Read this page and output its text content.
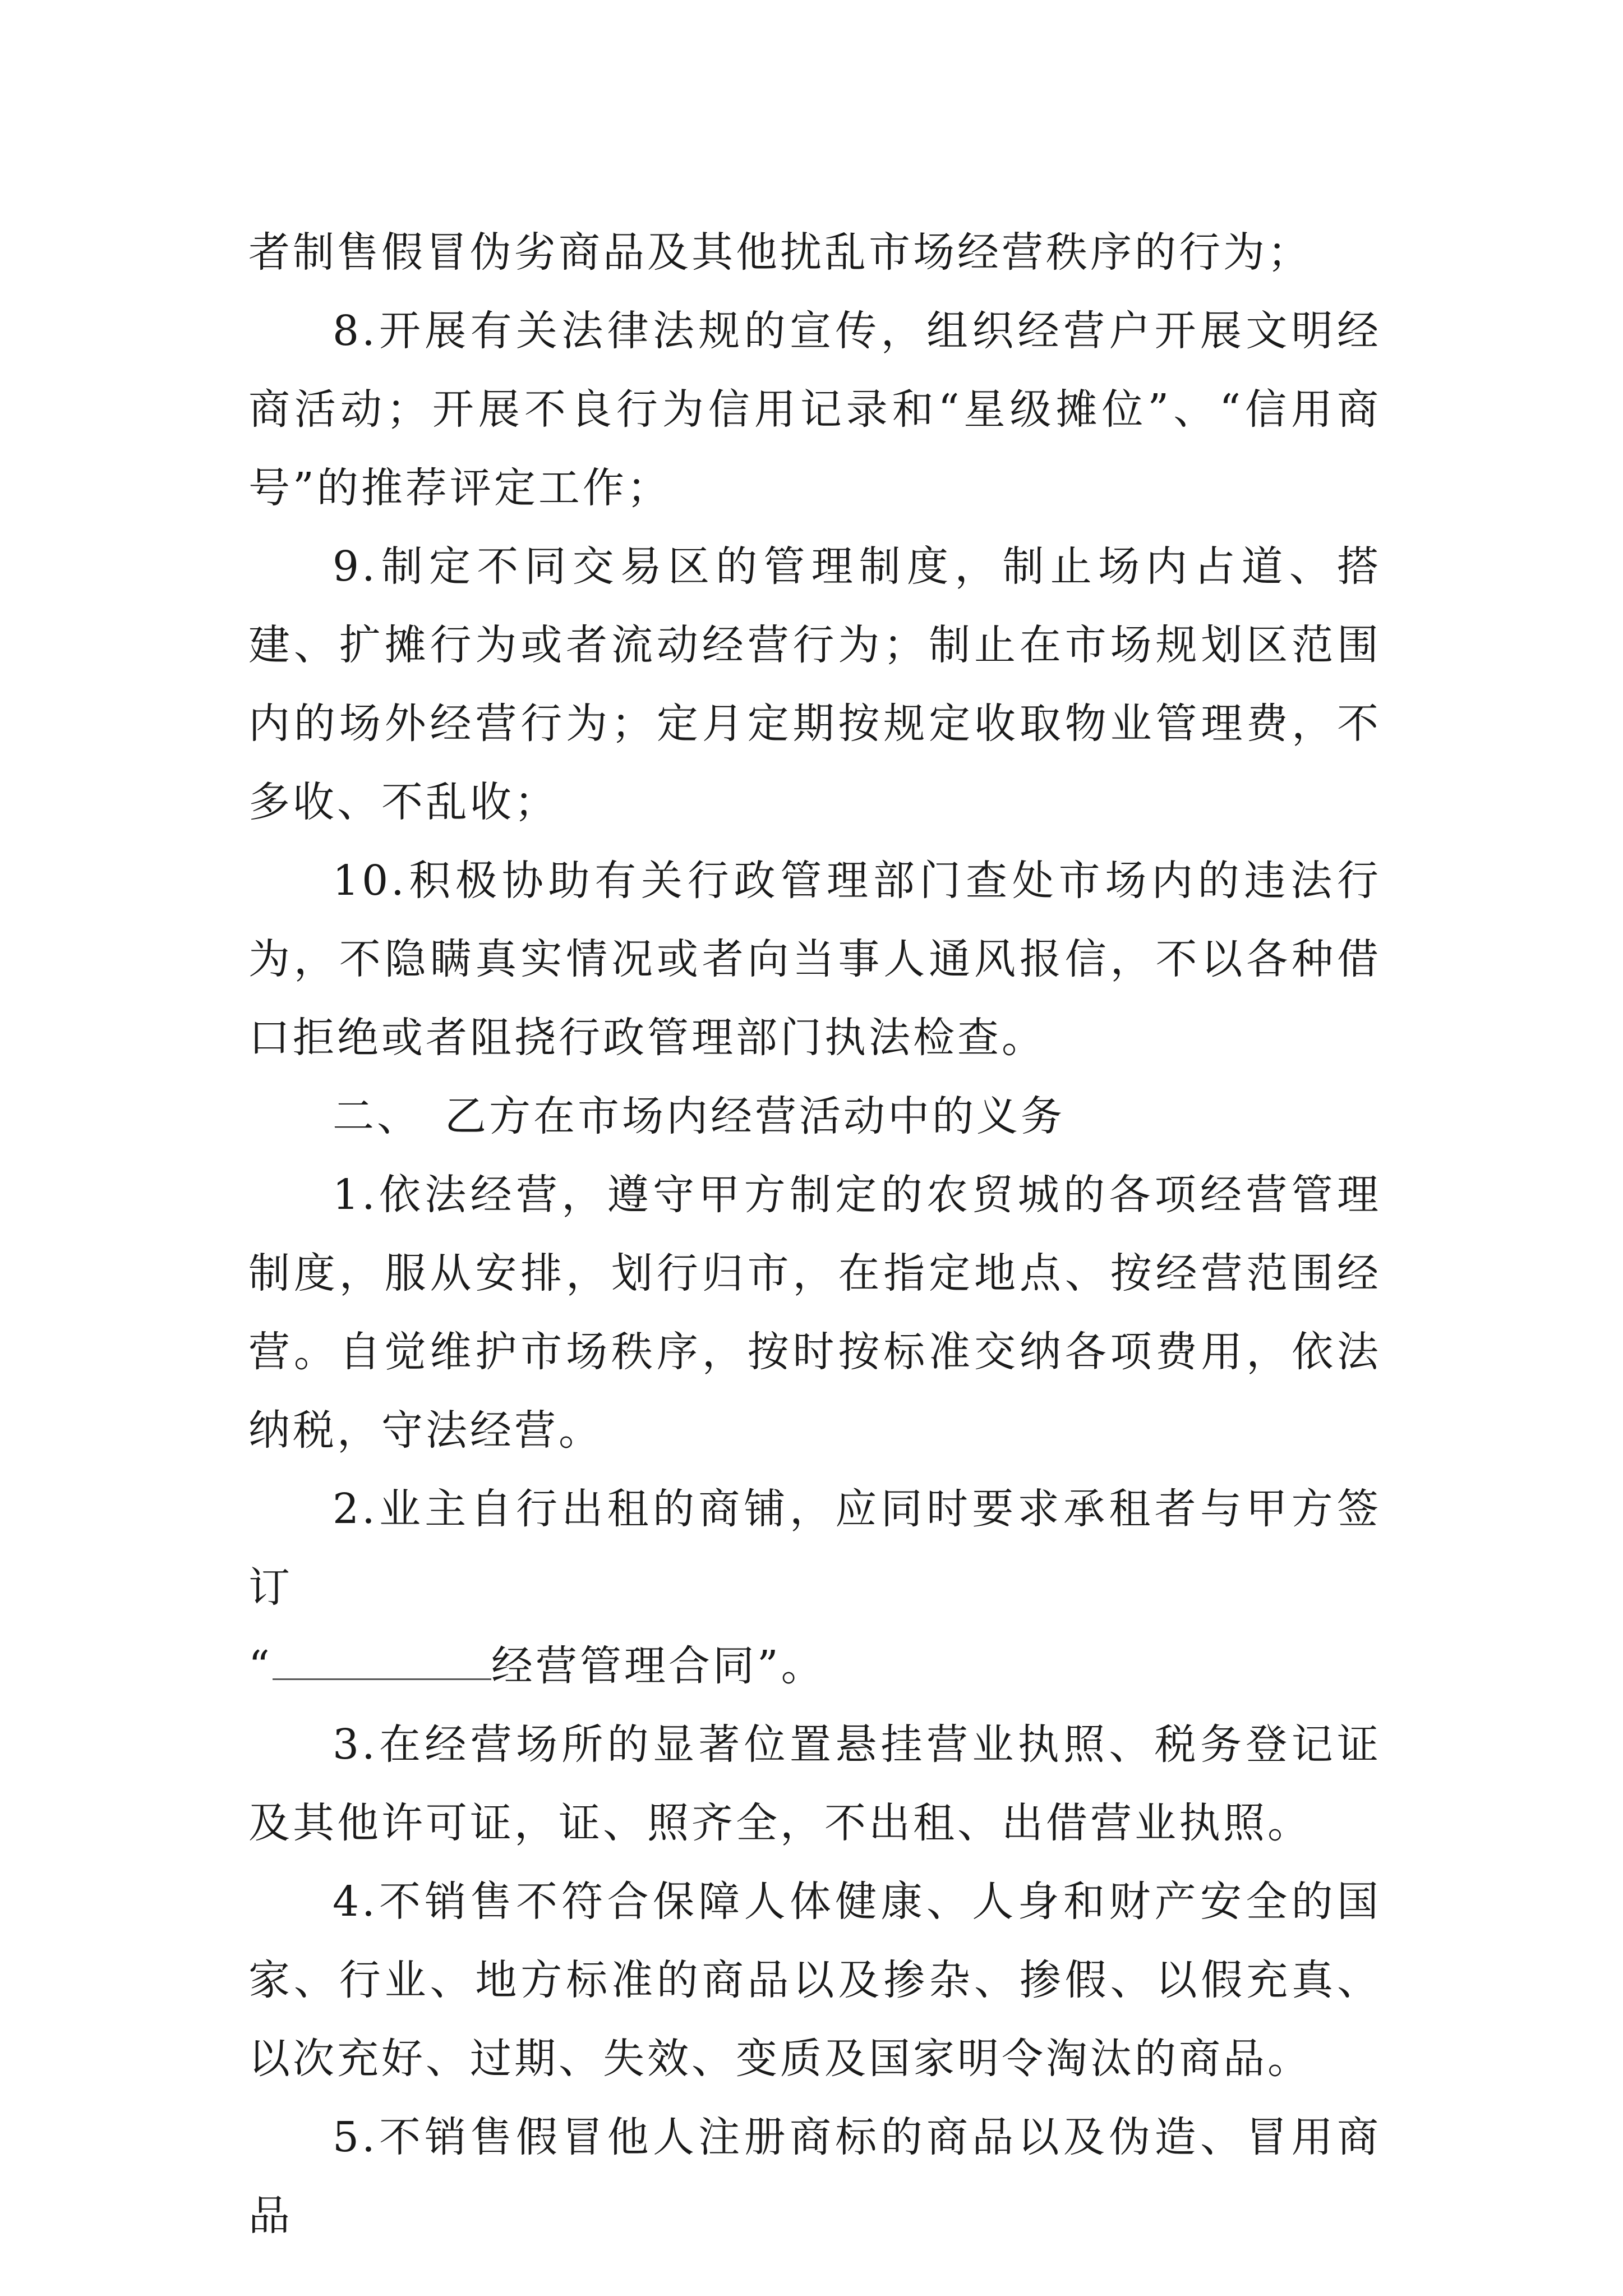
者制售假冒伪劣商品及其他扰乱市场经营秩序的行为；

8.开展有关法律法规的宣传，组织经营户开展文明经商活动；开展不良行为信用记录和“星级摊位”、“信用商号”的推荐评定工作；

9.制定不同交易区的管理制度，制止场内占道、搭建、扩摊行为或者流动经营行为；制止在市场规划区范围内的场外经营行为；定月定期按规定收取物业管理费，不多收、不乱收；

10.积极协助有关行政管理部门查处市场内的违法行为，不隐瞒真实情况或者向当事人通风报信，不以各种借口拒绝或者阻挠行政管理部门执法检查。

二、　乙方在市场内经营活动中的义务

1.依法经营，遵守甲方制定的农贸城的各项经营管理制度，服从安排，划行归市，在指定地点、按经营范围经营。自觉维护市场秩序，按时按标准交纳各项费用，依法纳税，守法经营。

2.业主自行出租的商铺，应同时要求承租者与甲方签订
“	经营管理合同”。

3.在经营场所的显著位置悬挂营业执照、税务登记证及其他许可证，证、照齐全，不出租、出借营业执照。

4.不销售不符合保障人体健康、人身和财产安全的国家、行业、地方标准的商品以及掺杂、掺假、以假充真、以次充好、过期、失效、变质及国家明令淘汰的商品。

5.不销售假冒他人注册商标的商品以及伪造、冒用商品
